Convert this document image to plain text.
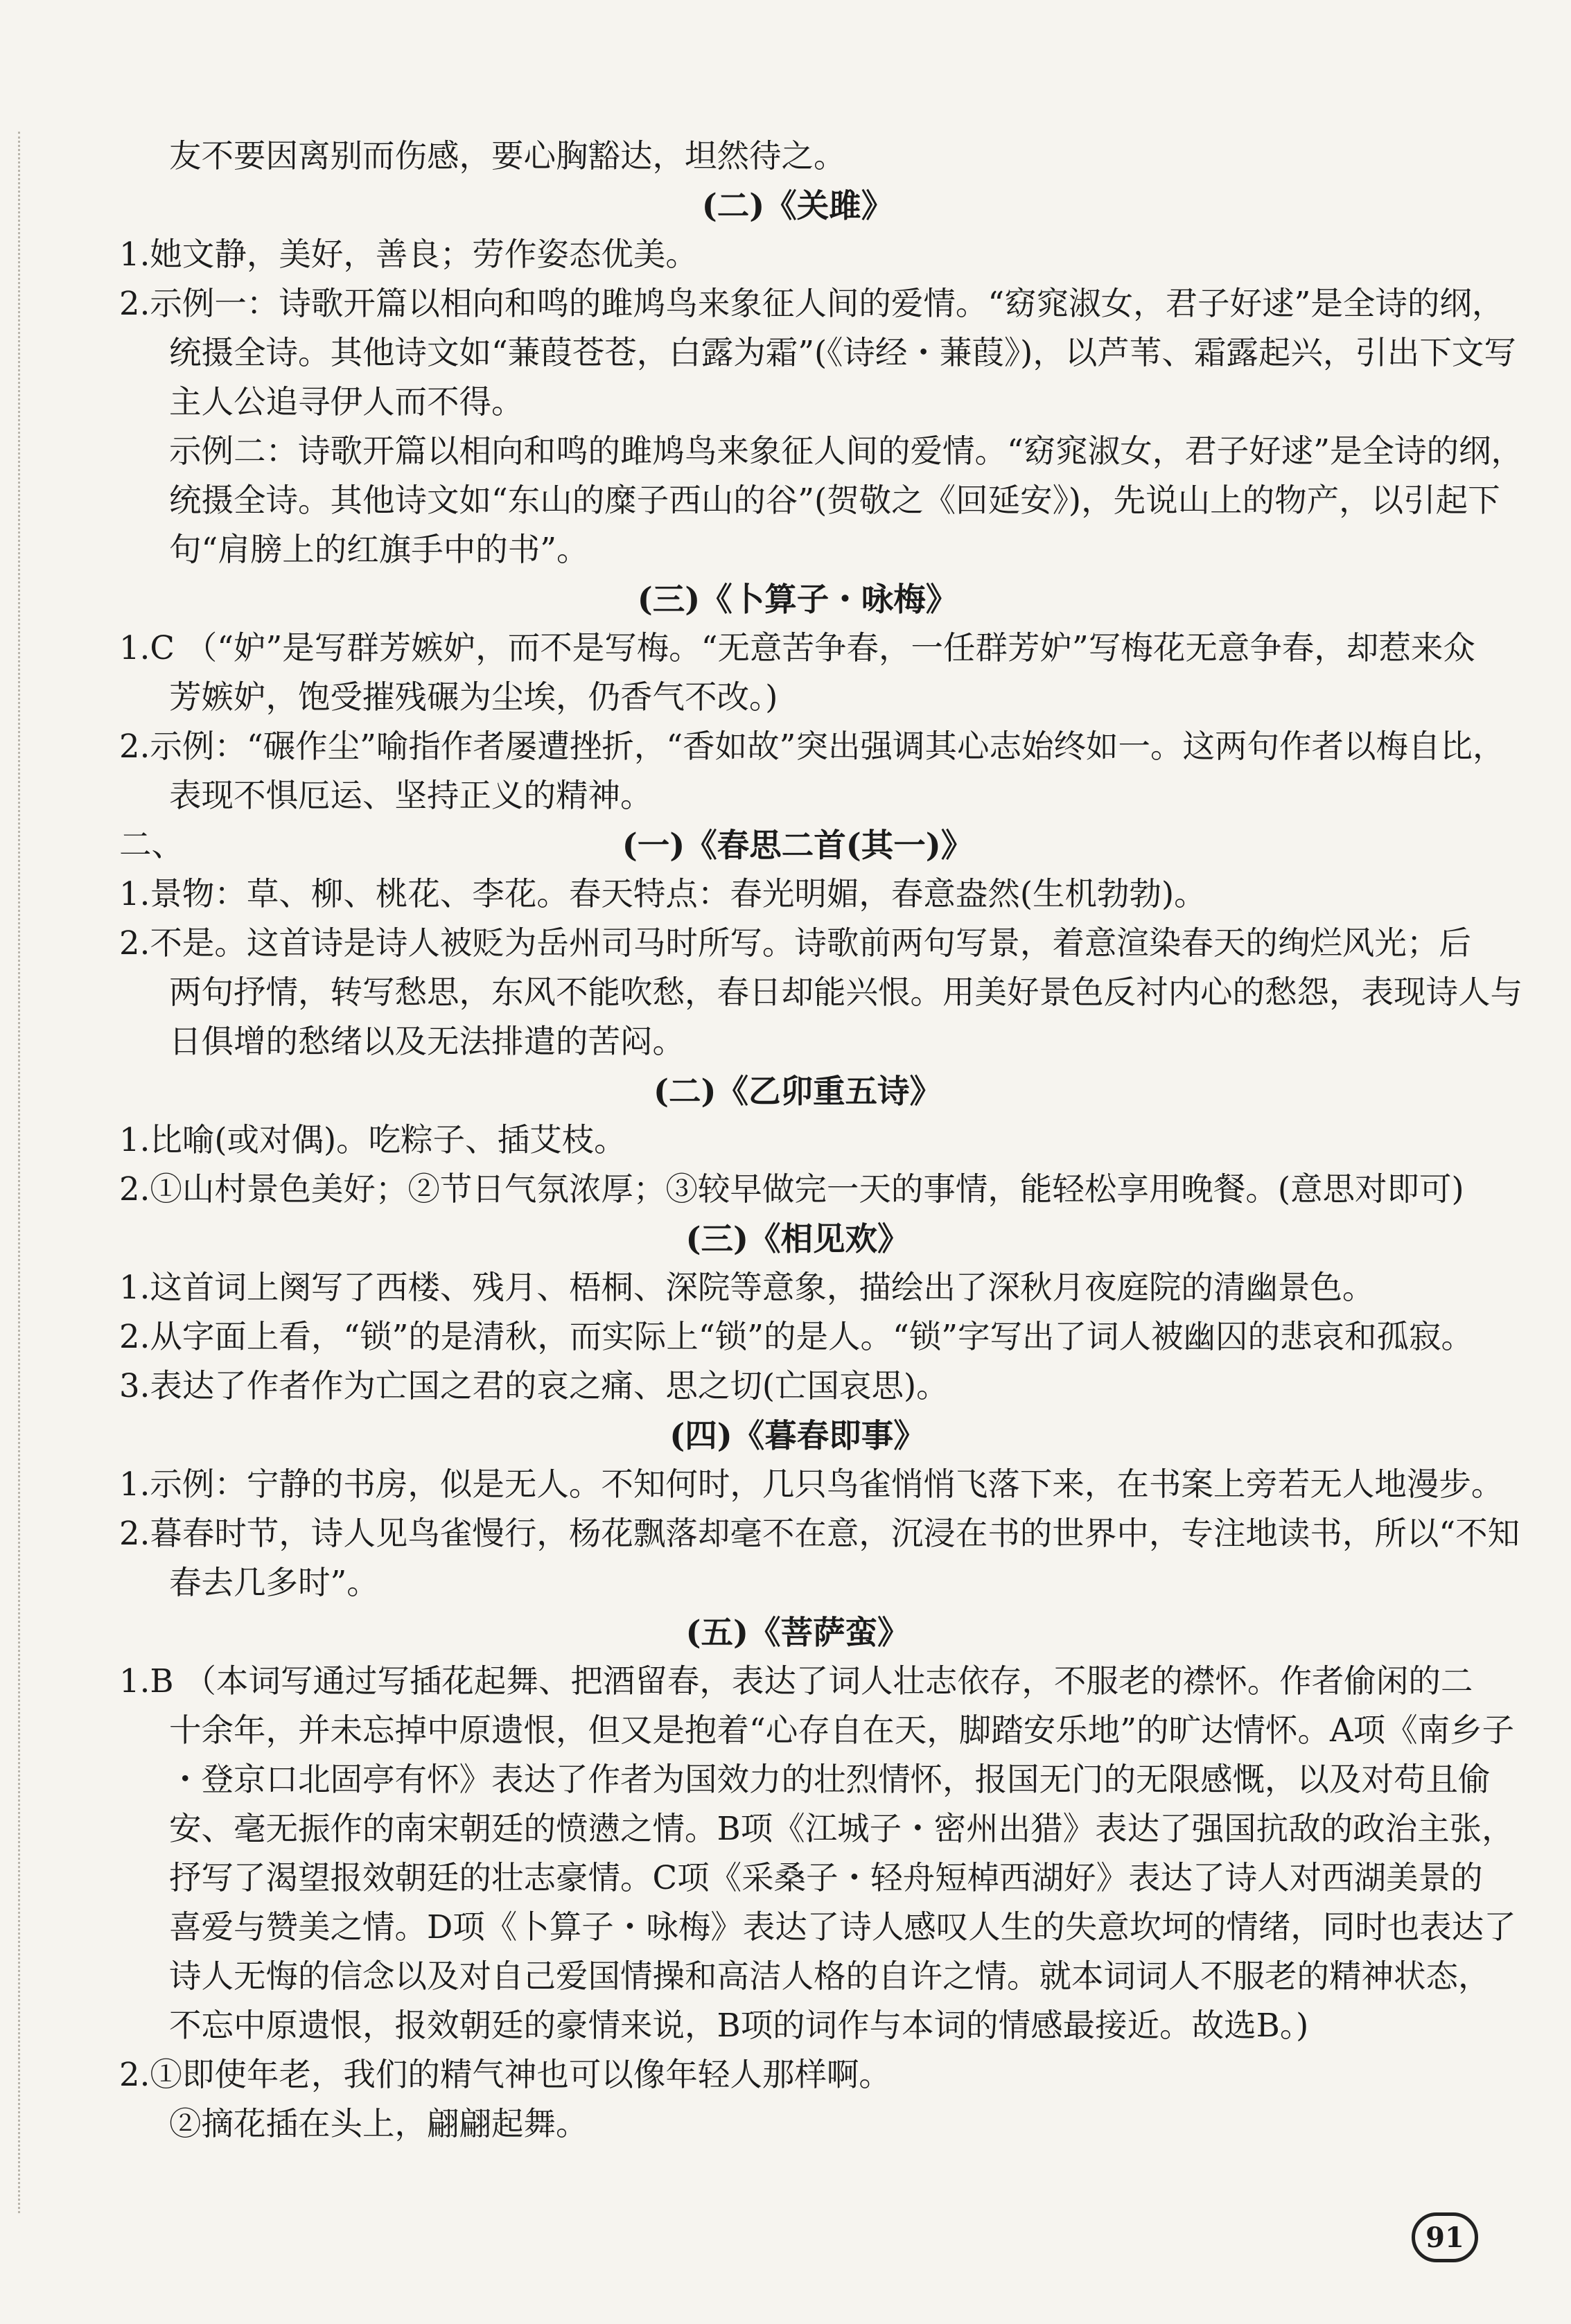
友不要因离别而伤感，要心胸豁达，坦然待之。
(二)《关雎》
1.她文静，美好，善良；劳作姿态优美。
2.示例一：诗歌开篇以相向和鸣的雎鸠鸟来象征人间的爱情。“窈窕淑女，君子好逑”是全诗的纲，
统摄全诗。其他诗文如“蒹葭苍苍，白露为霜”(《诗经・蒹葭》)，以芦苇、霜露起兴，引出下文写
主人公追寻伊人而不得。
示例二：诗歌开篇以相向和鸣的雎鸠鸟来象征人间的爱情。“窈窕淑女，君子好逑”是全诗的纲，
统摄全诗。其他诗文如“东山的糜子西山的谷”(贺敬之《回延安》)，先说山上的物产，以引起下
句“肩膀上的红旗手中的书”。
(三)《卜算子・咏梅》
1.C （“妒”是写群芳嫉妒，而不是写梅。“无意苦争春，一任群芳妒”写梅花无意争春，却惹来众
芳嫉妒，饱受摧残碾为尘埃，仍香气不改。)
2.示例：“碾作尘”喻指作者屡遭挫折，“香如故”突出强调其心志始终如一。这两句作者以梅自比，
表现不惧厄运、坚持正义的精神。
二、	(一)《春思二首(其一)》
1.景物：草、柳、桃花、李花。春天特点：春光明媚，春意盎然(生机勃勃)。
2.不是。这首诗是诗人被贬为岳州司马时所写。诗歌前两句写景，着意渲染春天的绚烂风光；后
两句抒情，转写愁思，东风不能吹愁，春日却能兴恨。用美好景色反衬内心的愁怨，表现诗人与
日俱增的愁绪以及无法排遣的苦闷。
(二)《乙卯重五诗》
1.比喻(或对偶)。吃粽子、插艾枝。
2.①山村景色美好；②节日气氛浓厚；③较早做完一天的事情，能轻松享用晚餐。(意思对即可)
(三)《相见欢》
1.这首词上阕写了西楼、残月、梧桐、深院等意象，描绘出了深秋月夜庭院的清幽景色。
2.从字面上看，“锁”的是清秋，而实际上“锁”的是人。“锁”字写出了词人被幽囚的悲哀和孤寂。
3.表达了作者作为亡国之君的哀之痛、思之切(亡国哀思)。
(四)《暮春即事》
1.示例：宁静的书房，似是无人。不知何时，几只鸟雀悄悄飞落下来，在书案上旁若无人地漫步。
2.暮春时节，诗人见鸟雀慢行，杨花飘落却毫不在意，沉浸在书的世界中，专注地读书，所以“不知
春去几多时”。
(五)《菩萨蛮》
1.B （本词写通过写插花起舞、把酒留春，表达了词人壮志依存，不服老的襟怀。作者偷闲的二
十余年，并未忘掉中原遗恨，但又是抱着“心存自在天，脚踏安乐地”的旷达情怀。A项《南乡子
・登京口北固亭有怀》表达了作者为国效力的壮烈情怀，报国无门的无限感慨，以及对苟且偷
安、毫无振作的南宋朝廷的愤懑之情。B项《江城子・密州出猎》表达了强国抗敌的政治主张，
抒写了渴望报效朝廷的壮志豪情。C项《采桑子・轻舟短棹西湖好》表达了诗人对西湖美景的
喜爱与赞美之情。D项《卜算子・咏梅》表达了诗人感叹人生的失意坎坷的情绪，同时也表达了
诗人无悔的信念以及对自己爱国情操和高洁人格的自许之情。就本词词人不服老的精神状态，
不忘中原遗恨，报效朝廷的豪情来说，B项的词作与本词的情感最接近。故选B。)
2.①即使年老，我们的精气神也可以像年轻人那样啊。
②摘花插在头上，翩翩起舞。
91
